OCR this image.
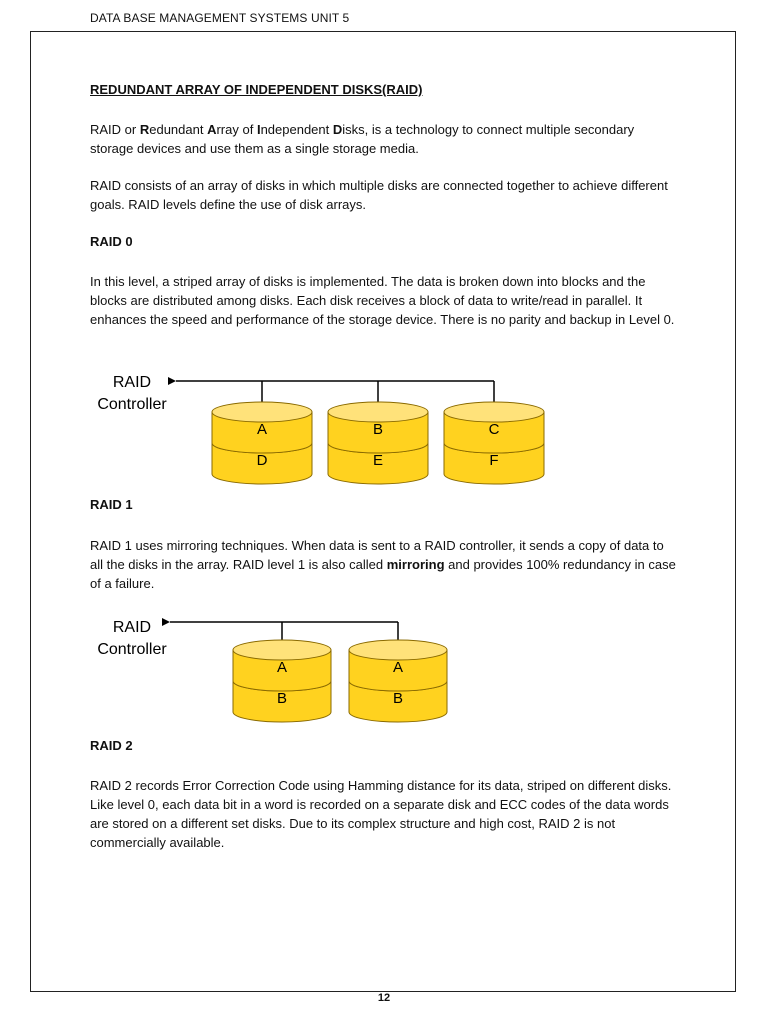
DATA BASE MANAGEMENT SYSTEMS UNIT 5
REDUNDANT ARRAY OF INDEPENDENT DISKS(RAID)

RAID or Redundant Array of Independent Disks, is a technology to connect multiple secondary storage devices and use them as a single storage media.

RAID consists of an array of disks in which multiple disks are connected together to achieve different goals. RAID levels define the use of disk arrays.

RAID 0

In this level, a striped array of disks is implemented. The data is broken down into blocks and the blocks are distributed among disks. Each disk receives a block of data to write/read in parallel. It enhances the speed and performance of the storage device. There is no parity and backup in Level 0.

RAID
Controller
A
D
B
E
C
F
RAID 1

RAID 1 uses mirroring techniques. When data is sent to a RAID controller, it sends a copy of data to all the disks in the array. RAID level 1 is also called mirroring and provides 100% redundancy in case of a failure.

RAID
Controller
A
B
A
B
RAID 2

RAID 2 records Error Correction Code using Hamming distance for its data, striped on different disks. Like level 0, each data bit in a word is recorded on a separate disk and ECC codes of the data words are stored on a different set disks. Due to its complex structure and high cost, RAID 2 is not commercially available.

12
